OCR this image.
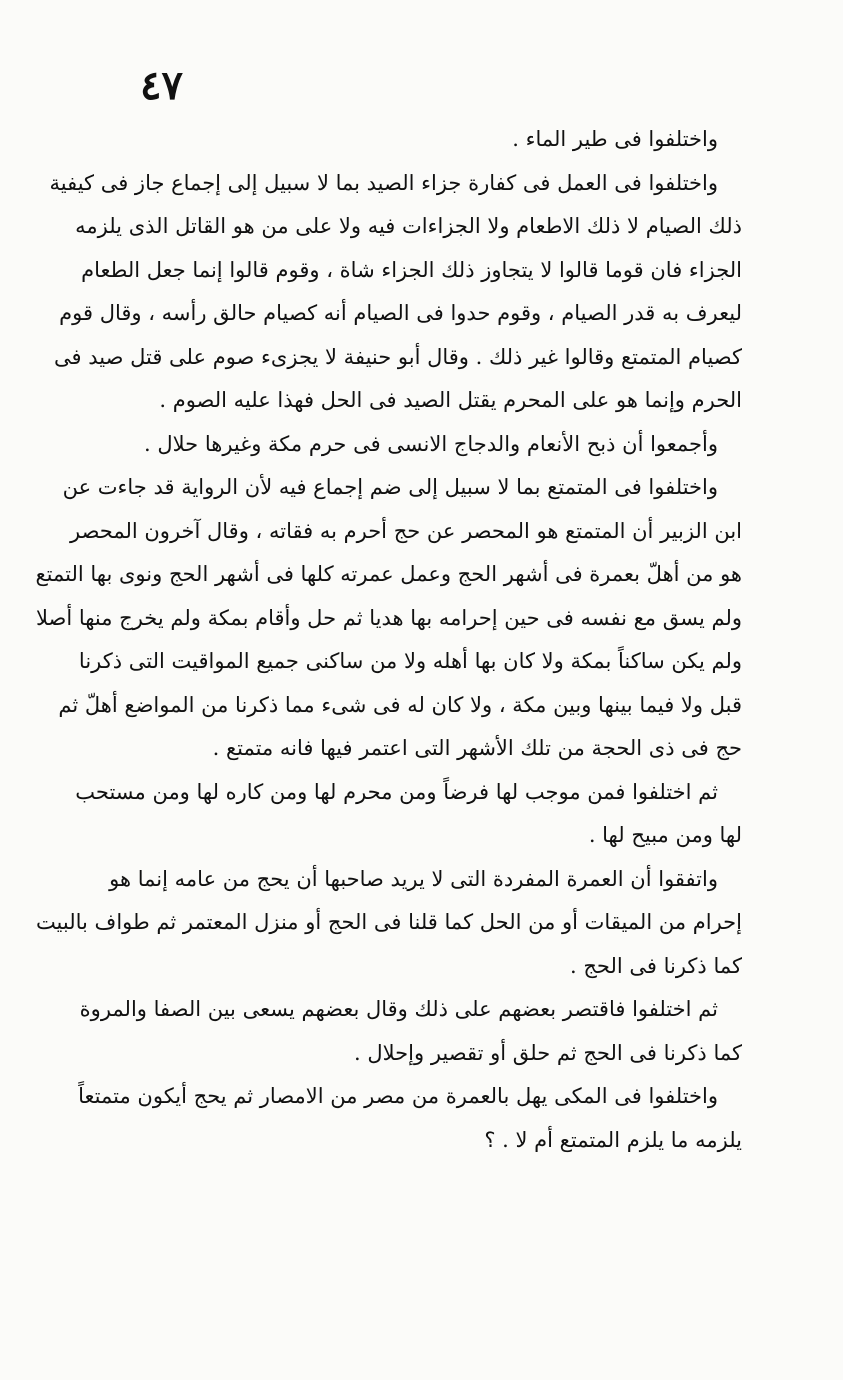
٤٧
واختلفوا فى طير الماء .
واختلفوا فى العمل فى كفارة جزاء الصيد بما لا سبيل إلى إجماع جاز فى كيفية
ذلك الصيام لا ذلك الاطعام ولا الجزاءات فيه ولا على من هو القاتل الذى يلزمه
الجزاء فان قوما قالوا لا يتجاوز ذلك الجزاء شاة ، وقوم قالوا إنما جعل الطعام
ليعرف به قدر الصيام ، وقوم حدوا فى الصيام أنه كصيام حالق رأسه ، وقال قوم
كصيام المتمتع وقالوا غير ذلك . وقال أبو حنيفة لا يجزىء صوم على قتل صيد فى
الحرم وإنما هو على المحرم يقتل الصيد فى الحل فهذا عليه الصوم .
وأجمعوا أن ذبح الأنعام والدجاج الانسى فى حرم مكة وغيرها حلال .
واختلفوا فى المتمتع بما لا سبيل إلى ضم إجماع فيه لأن الرواية قد جاءت عن
ابن الزبير أن المتمتع هو المحصر عن حج أحرم به فقاته ، وقال آخرون المحصر
هو من أهلّ بعمرة فى أشهر الحج وعمل عمرته كلها فى أشهر الحج ونوى بها التمتع
ولم يسق مع نفسه فى حين إحرامه بها هديا ثم حل وأقام بمكة ولم يخرج منها أصلا
ولم يكن ساكناً بمكة ولا كان بها أهله ولا من ساكنى جميع المواقيت التى ذكرنا
قبل ولا فيما بينها وبين مكة ، ولا كان له فى شىء مما ذكرنا من المواضع أهلّ ثم
حج فى ذى الحجة من تلك الأشهر التى اعتمر فيها فانه متمتع .
ثم اختلفوا فمن موجب لها فرضاً ومن محرم لها ومن كاره لها ومن مستحب
لها ومن مبيح لها .
واتفقوا أن العمرة المفردة التى لا يريد صاحبها أن يحج من عامه إنما هو
إحرام من الميقات أو من الحل كما قلنا فى الحج أو منزل المعتمر ثم طواف بالبيت
كما ذكرنا فى الحج .
ثم اختلفوا فاقتصر بعضهم على ذلك وقال بعضهم يسعى بين الصفا والمروة
كما ذكرنا فى الحج ثم حلق أو تقصير وإحلال .
واختلفوا فى المكى يهل بالعمرة من مصر من الامصار ثم يحج أيكون متمتعاً
يلزمه ما يلزم المتمتع أم لا . ؟
